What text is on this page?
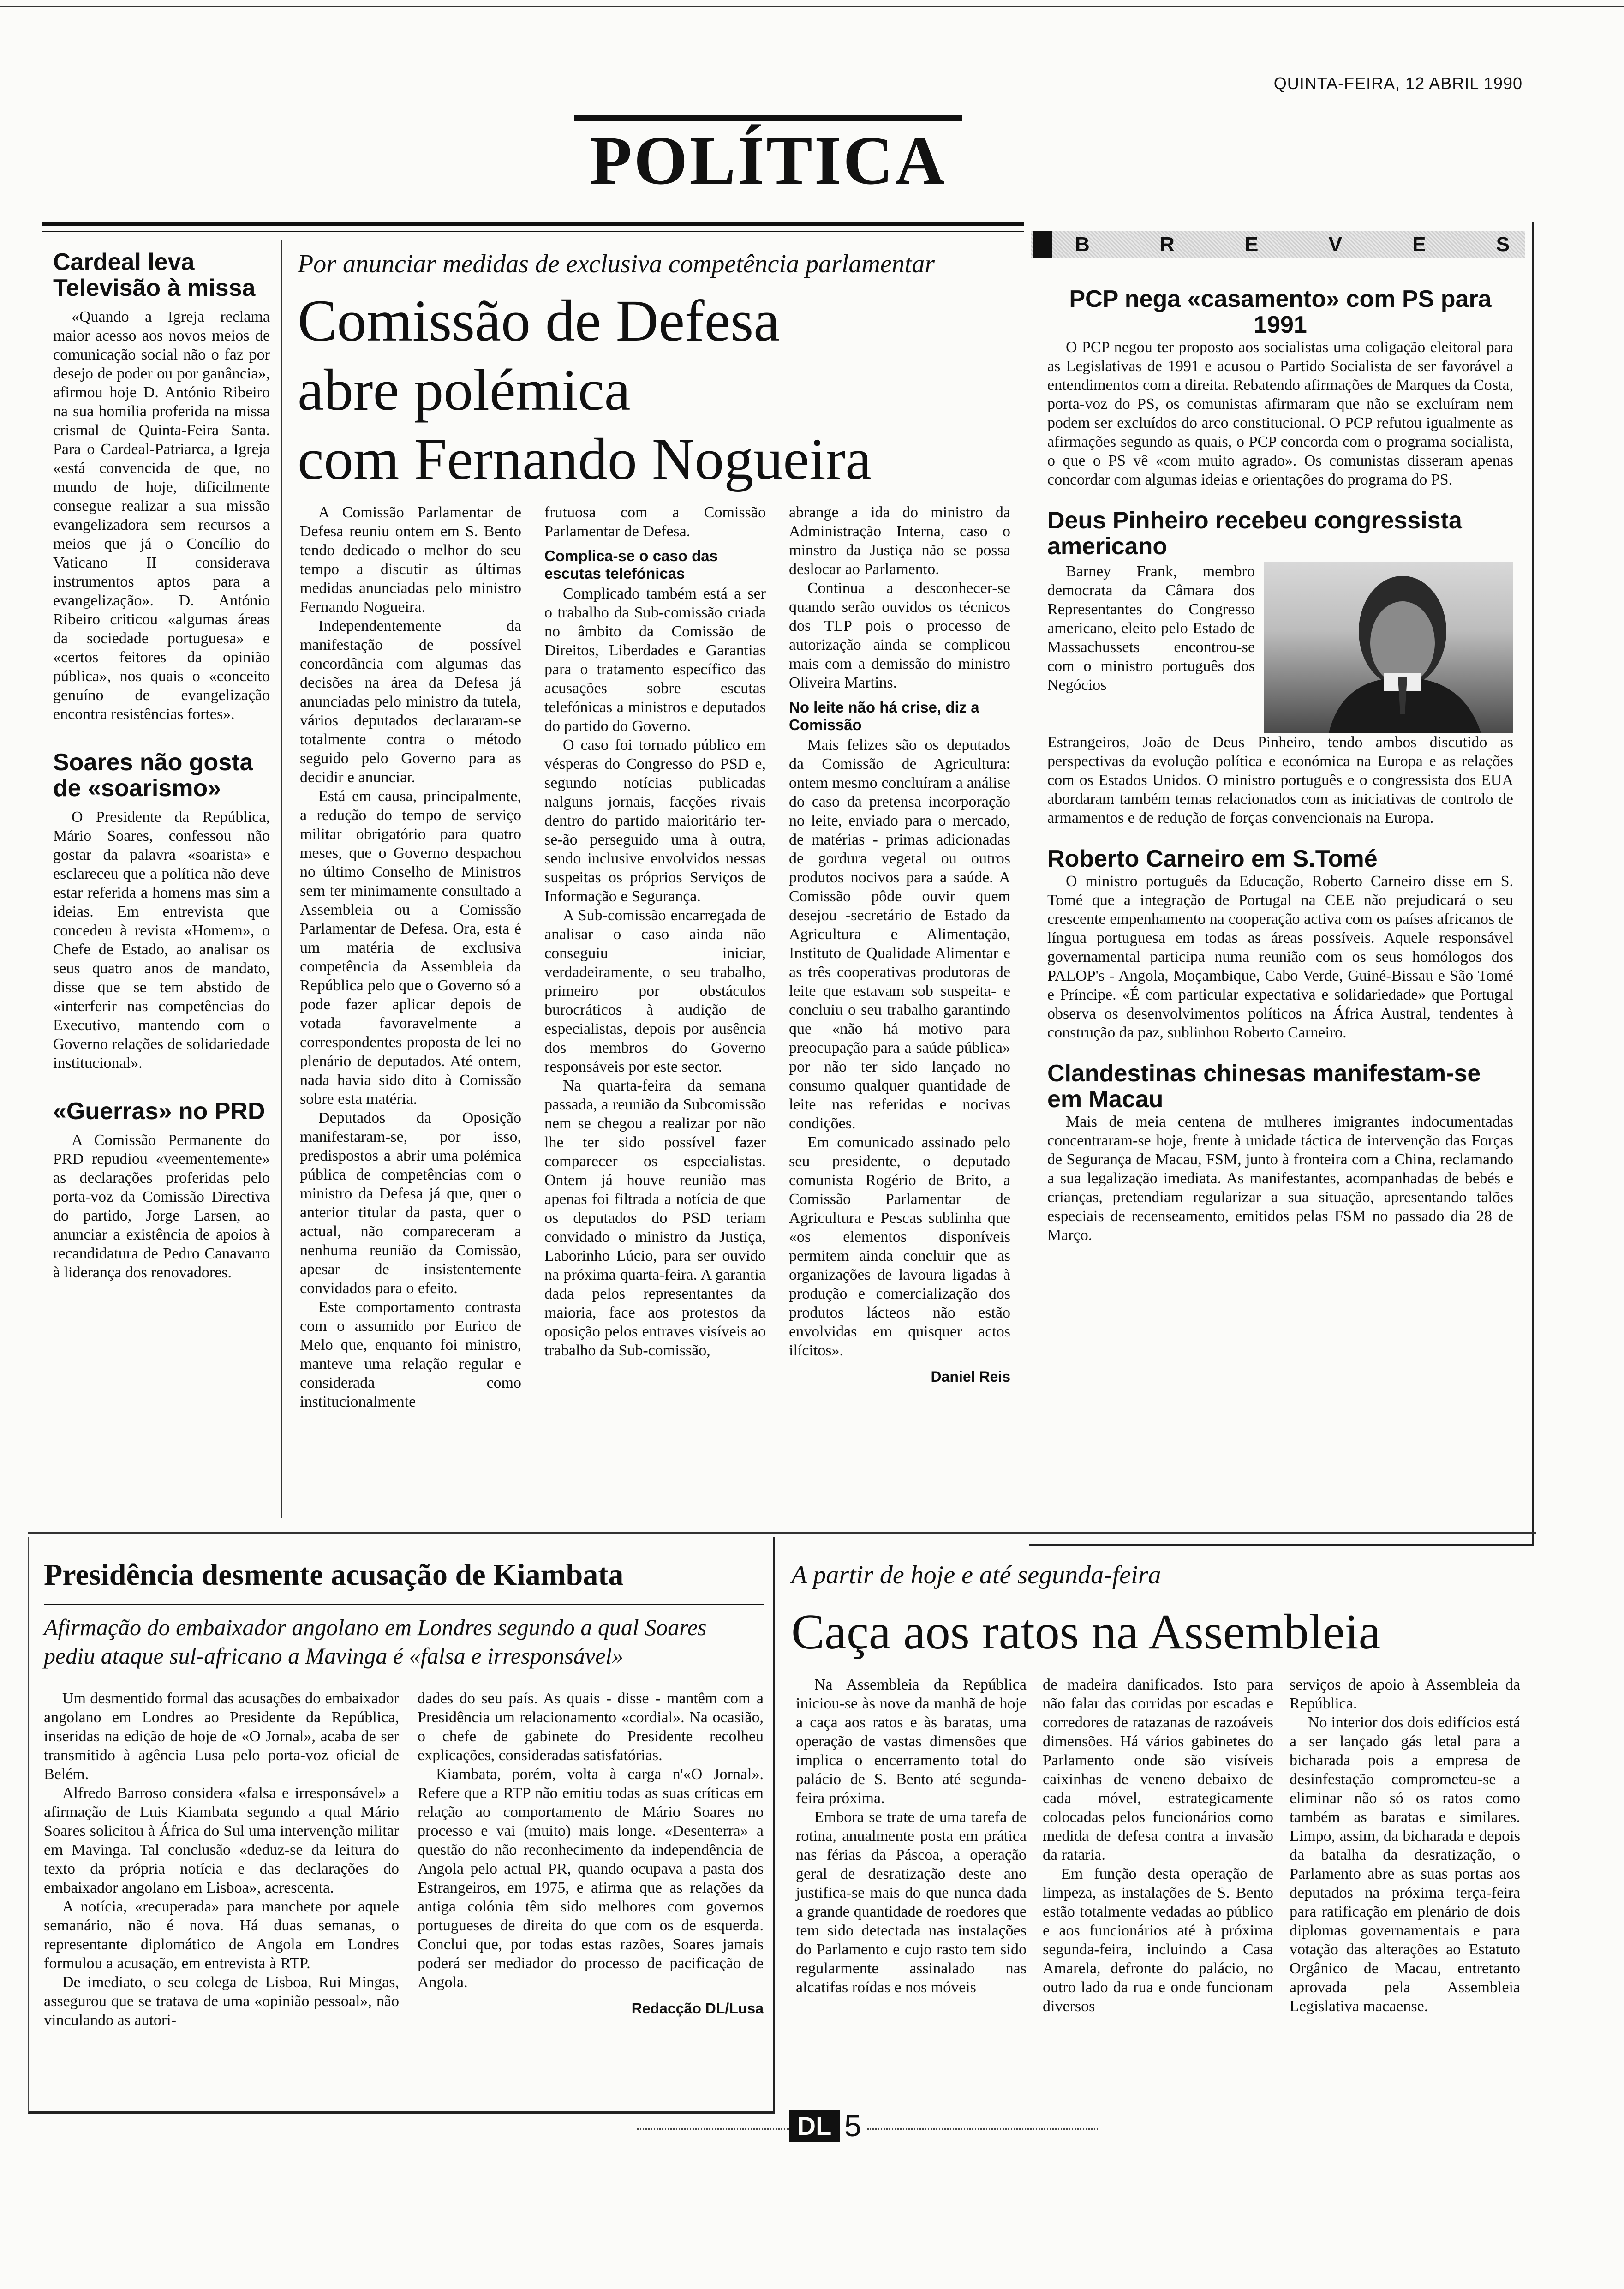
QUINTA-FEIRA, 12 ABRIL 1990
POLÍTICA
Cardeal leva Televisão à missa

«Quando a Igreja reclama maior acesso aos novos meios de comunicação social não o faz por desejo de poder ou por ganância», afirmou hoje D. António Ribeiro na sua homilia proferida na missa crismal de Quinta-Feira Santa. Para o Cardeal-Patriarca, a Igreja «está convencida de que, no mundo de hoje, dificilmente consegue realizar a sua missão evangelizadora sem recursos a meios que já o Concílio do Vaticano II considerava instrumentos aptos para a evangelização». D. António Ribeiro criticou «algumas áreas da sociedade portuguesa» e «certos feitores da opinião pública», nos quais o «conceito genuíno de evangelização encontra resistências fortes».

Soares não gosta de «soarismo»

O Presidente da República, Mário Soares, confessou não gostar da palavra «soarista» e esclareceu que a política não deve estar referida a homens mas sim a ideias. Em entrevista que concedeu à revista «Homem», o Chefe de Estado, ao analisar os seus quatro anos de mandato, disse que se tem abstido de «interferir nas competências do Executivo, mantendo com o Governo relações de solidariedade institucional».

«Guerras» no PRD

A Comissão Permanente do PRD repudiou «veementemente» as declarações proferidas pelo porta-voz da Comissão Directiva do partido, Jorge Larsen, ao anunciar a existência de apoios à recandidatura de Pedro Canavarro à liderança dos renovadores.

Por anunciar medidas de exclusiva competência parlamentar
Comissão de Defesa
abre polémica
com Fernando Nogueira

A Comissão Parlamentar de Defesa reuniu ontem em S. Bento tendo dedicado o melhor do seu tempo a discutir as últimas medidas anunciadas pelo ministro Fernando Nogueira.

Independentemente da manifestação de possível concordância com algumas das decisões na área da Defesa já anunciadas pelo ministro da tutela, vários deputados declararam-se totalmente contra o método seguido pelo Governo para as decidir e anunciar.

Está em causa, principalmente, a redução do tempo de serviço militar obrigatório para quatro meses, que o Governo despachou no último Conselho de Ministros sem ter minimamente consultado a Assembleia ou a Comissão Parlamentar de Defesa. Ora, esta é um matéria de exclusiva competência da Assembleia da República pelo que o Governo só a pode fazer aplicar depois de votada favoravelmente a correspondentes proposta de lei no plenário de deputados. Até ontem, nada havia sido dito à Comissão sobre esta matéria.

Deputados da Oposição manifestaram-se, por isso, predispostos a abrir uma polémica pública de competências com o ministro da Defesa já que, quer o anterior titular da pasta, quer o actual, não compareceram a nenhuma reunião da Comissão, apesar de insistentemente convidados para o efeito.

Este comportamento contrasta com o assumido por Eurico de Melo que, enquanto foi ministro, manteve uma relação regular e considerada como institucionalmente

frutuosa com a Comissão Parlamentar de Defesa.

Complica-se o caso das escutas telefónicas

Complicado também está a ser o trabalho da Sub-comissão criada no âmbito da Comissão de Direitos, Liberdades e Garantias para o tratamento específico das acusações sobre escutas telefónicas a ministros e deputados do partido do Governo.

O caso foi tornado público em vésperas do Congresso do PSD e, segundo notícias publicadas nalguns jornais, facções rivais dentro do partido maioritário ter-se-ão perseguido uma à outra, sendo inclusive envolvidos nessas suspeitas os próprios Serviços de Informação e Segurança.

A Sub-comissão encarregada de analisar o caso ainda não conseguiu iniciar, verdadeiramente, o seu trabalho, primeiro por obstáculos burocráticos à audição de especialistas, depois por ausência dos membros do Governo responsáveis por este sector.

Na quarta-feira da semana passada, a reunião da Subcomissão nem se chegou a realizar por não lhe ter sido possível fazer comparecer os especialistas. Ontem já houve reunião mas apenas foi filtrada a notícia de que os deputados do PSD teriam convidado o ministro da Justiça, Laborinho Lúcio, para ser ouvido na próxima quarta-feira. A garantia dada pelos representantes da maioria, face aos protestos da oposição pelos entraves visíveis ao trabalho da Sub-comissão,

abrange a ida do ministro da Administração Interna, caso o minstro da Justiça não se possa deslocar ao Parlamento.

Continua a desconhecer-se quando serão ouvidos os técnicos dos TLP pois o processo de autorização ainda se complicou mais com a demissão do ministro Oliveira Martins.

No leite não há crise, diz a Comissão

Mais felizes são os deputados da Comissão de Agricultura: ontem mesmo concluíram a análise do caso da pretensa incorporação no leite, enviado para o mercado, de matérias - primas adicionadas de gordura vegetal ou outros produtos nocivos para a saúde. A Comissão pôde ouvir quem desejou -secretário de Estado da Agricultura e Alimentação, Instituto de Qualidade Alimentar e as três cooperativas produtoras de leite que estavam sob suspeita- e concluiu o seu trabalho garantindo que «não há motivo para preocupação para a saúde pública» por não ter sido lançado no consumo qualquer quantidade de leite nas referidas e nocivas condições.

Em comunicado assinado pelo seu presidente, o deputado comunista Rogério de Brito, a Comissão Parlamentar de Agricultura e Pescas sublinha que «os elementos disponíveis permitem ainda concluir que as organizações de lavoura ligadas à produção e comercialização dos produtos lácteos não estão envolvidas em quisquer actos ilícitos».

Daniel Reis
B R E V E S
PCP nega «casamento» com PS para 1991

O PCP negou ter proposto aos socialistas uma coligação eleitoral para as Legislativas de 1991 e acusou o Partido Socialista de ser favorável a entendimentos com a direita. Rebatendo afirmações de Marques da Costa, porta-voz do PS, os comunistas afirmaram que não se excluíram nem podem ser excluídos do arco constitucional. O PCP refutou igualmente as afirmações segundo as quais, o PCP concorda com o programa socialista, o que o PS vê «com muito agrado». Os comunistas disseram apenas concordar com algumas ideias e orientações do programa do PS.

Deus Pinheiro recebeu congressista americano

Barney Frank, membro democrata da Câmara dos Representantes do Congresso americano, eleito pelo Estado de Massachussets encontrou-se com o ministro português dos Negócios

Estrangeiros, João de Deus Pinheiro, tendo ambos discutido as perspectivas da evolução política e económica na Europa e as relações com os Estados Unidos. O ministro português e o congressista dos EUA abordaram também temas relacionados com as iniciativas de controlo de armamentos e de redução de forças convencionais na Europa.

Roberto Carneiro em S.Tomé

O ministro português da Educação, Roberto Carneiro disse em S. Tomé que a integração de Portugal na CEE não prejudicará o seu crescente empenhamento na cooperação activa com os países africanos de língua portuguesa em todas as áreas possíveis. Aquele responsável governamental participa numa reunião com os seus homólogos dos PALOP's - Angola, Moçambique, Cabo Verde, Guiné-Bissau e São Tomé e Príncipe. «É com particular expectativa e solidariedade» que Portugal observa os desenvolvimentos políticos na África Austral, tendentes à construção da paz, sublinhou Roberto Carneiro.

Clandestinas chinesas manifestam-se em Macau

Mais de meia centena de mulheres imigrantes indocumentadas concentraram-se hoje, frente à unidade táctica de intervenção das Forças de Segurança de Macau, FSM, junto à fronteira com a China, reclamando a sua legalização imediata. As manifestantes, acompanhadas de bebés e crianças, pretendiam regularizar a sua situação, apresentando talões especiais de recenseamento, emitidos pelas FSM no passado dia 28 de Março.

Presidência desmente acusação de Kiambata
Afirmação do embaixador angolano em Londres segundo a qual Soares pediu ataque sul-africano a Mavinga é «falsa e irresponsável»

Um desmentido formal das acusações do embaixador angolano em Londres ao Presidente da República, inseridas na edição de hoje de «O Jornal», acaba de ser transmitido à agência Lusa pelo porta-voz oficial de Belém.

Alfredo Barroso considera «falsa e irresponsável» a afirmação de Luis Kiambata segundo a qual Mário Soares solicitou à África do Sul uma intervenção militar em Mavinga. Tal conclusão «deduz-se da leitura do texto da própria notícia e das declarações do embaixador angolano em Lisboa», acrescenta.

A notícia, «recuperada» para manchete por aquele semanário, não é nova. Há duas semanas, o representante diplomático de Angola em Londres formulou a acusação, em entrevista à RTP.

De imediato, o seu colega de Lisboa, Rui Mingas, assegurou que se tratava de uma «opinião pessoal», não vinculando as autori-

dades do seu país. As quais - disse - mantêm com a Presidência um relacionamento «cordial». Na ocasião, o chefe de gabinete do Presidente recolheu explicações, consideradas satisfatórias.

Kiambata, porém, volta à carga n'«O Jornal». Refere que a RTP não emitiu todas as suas críticas em relação ao comportamento de Mário Soares no processo e vai (muito) mais longe. «Desenterra» a questão do não reconhecimento da independência de Angola pelo actual PR, quando ocupava a pasta dos Estrangeiros, em 1975, e afirma que as relações da antiga colónia têm sido melhores com governos portugueses de direita do que com os de esquerda. Conclui que, por todas estas razões, Soares jamais poderá ser mediador do processo de pacificação de Angola.

Redacção DL/Lusa
A partir de hoje e até segunda-feira
Caça aos ratos na Assembleia

Na Assembleia da República iniciou-se às nove da manhã de hoje a caça aos ratos e às baratas, uma operação de vastas dimensões que implica o encerramento total do palácio de S. Bento até segunda-feira próxima.

Embora se trate de uma tarefa de rotina, anualmente posta em prática nas férias da Páscoa, a operação geral de desratização deste ano justifica-se mais do que nunca dada a grande quantidade de roedores que tem sido detectada nas instalações do Parlamento e cujo rasto tem sido regularmente assinalado nas alcatifas roídas e nos móveis

de madeira danificados. Isto para não falar das corridas por escadas e corredores de ratazanas de razoáveis dimensões. Há vários gabinetes do Parlamento onde são visíveis caixinhas de veneno debaixo de cada móvel, estrategicamente colocadas pelos funcionários como medida de defesa contra a invasão da rataria.

Em função desta operação de limpeza, as instalações de S. Bento estão totalmente vedadas ao público e aos funcionários até à próxima segunda-feira, incluindo a Casa Amarela, defronte do palácio, no outro lado da rua e onde funcionam diversos

serviços de apoio à Assembleia da República.

No interior dos dois edifícios está a ser lançado gás letal para a bicharada pois a empresa de desinfestação comprometeu-se a eliminar não só os ratos como também as baratas e similares. Limpo, assim, da bicharada e depois da batalha da desratização, o Parlamento abre as suas portas aos deputados na próxima terça-feira para ratificação em plenário de dois diplomas governamentais e para votação das alterações ao Estatuto Orgânico de Macau, entretanto aprovada pela Assembleia Legislativa macaense.

DL 5
